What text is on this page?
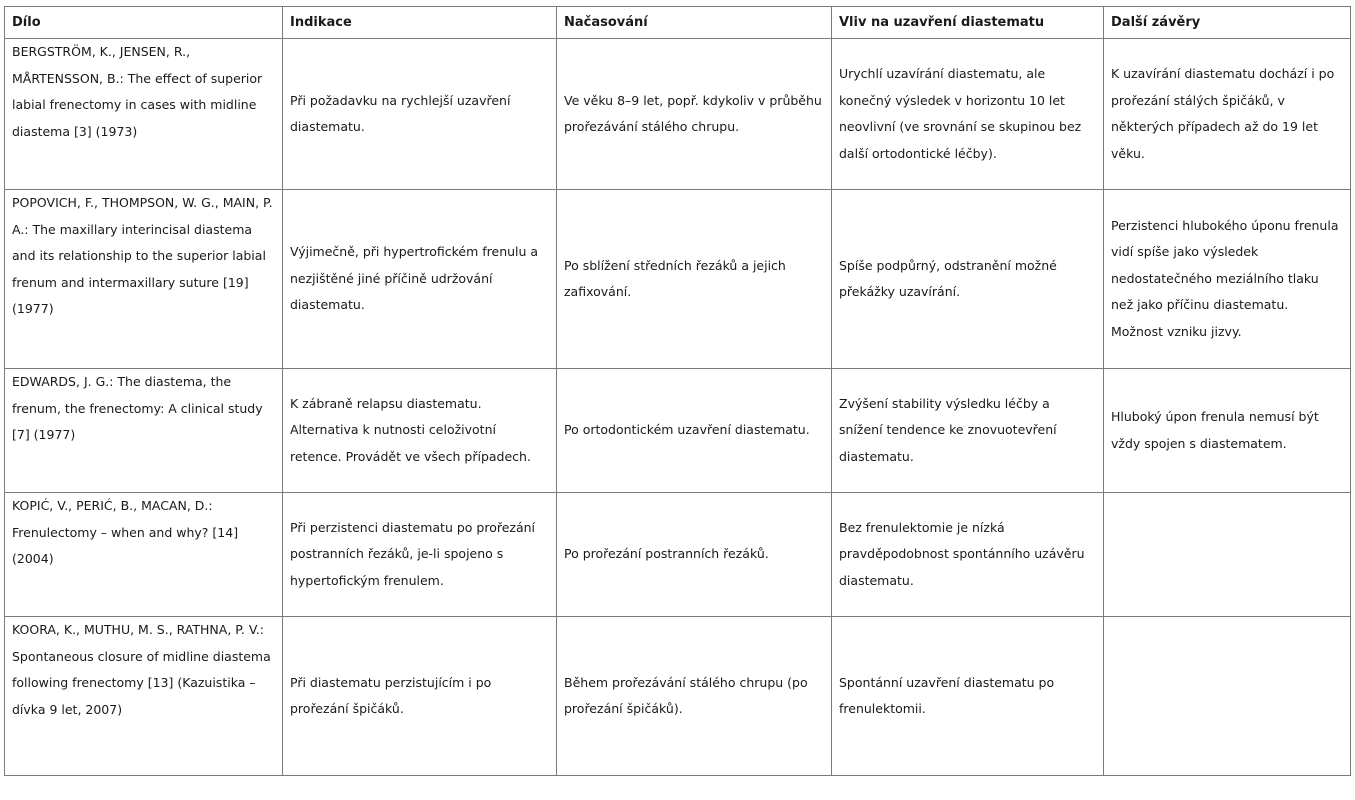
Dílo	Indikace	Načasování	Vliv na uzavření diastematu	Další závěry

BERGSTRÖM, K., JENSEN, R., MÅRTENSSON, B.: The effect of superior labial frenectomy in cases with midline diastema [3] (1973)	Při požadavku na rychlejší uzavření diastematu.	Ve věku 8–9 let, popř. kdykoliv v průběhu prořezávání stálého chrupu.	Urychlí uzavírání diastematu, ale konečný výsledek v horizontu 10 let neovlivní (ve srovnání se skupinou bez další ortodontické léčby).	K uzavírání diastematu dochází i po prořezání stálých špičáků, v některých případech až do 19 let věku.

POPOVICH, F., THOMPSON, W. G., MAIN, P. A.: The maxillary interincisal diastema and its relationship to the superior labial frenum and intermaxillary suture [19] (1977)	Výjimečně, při hypertrofickém frenulu a nezjištěné jiné příčině udržování diastematu.	Po sblížení středních řezáků a jejich zafixování.	Spíše podpůrný, odstranění možné překážky uzavírání.	Perzistenci hlubokého úponu frenula vidí spíše jako výsledek nedostatečného meziálního tlaku než jako příčinu diastematu. Možnost vzniku jizvy.

EDWARDS, J. G.: The diastema, the frenum, the frenectomy: A clinical study [7] (1977)	K zábraně relapsu diastematu. Alternativa k nutnosti celoživotní retence. Provádět ve všech případech.	Po ortodontickém uzavření diastematu.	Zvýšení stability výsledku léčby a snížení tendence ke znovuotevření diastematu.	Hluboký úpon frenula nemusí být vždy spojen s diastematem.

KOPIĆ, V., PERIĆ, B., MACAN, D.: Frenulectomy – when and why? [14] (2004)	Při perzistenci diastematu po prořezání postranních řezáků, je-li spojeno s hypertofickým frenulem.	Po prořezání postranních řezáků.	Bez frenulektomie je nízká pravděpodobnost spontánního uzávěru diastematu.	

KOORA, K., MUTHU, M. S., RATHNA, P. V.: Spontaneous closure of midline diastema following frenectomy [13] (Kazuistika – dívka 9 let, 2007)	Při diastematu perzistujícím i po prořezání špičáků.	Během prořezávání stálého chrupu (po prořezání špičáků).	Spontánní uzavření diastematu po frenulektomii.	
